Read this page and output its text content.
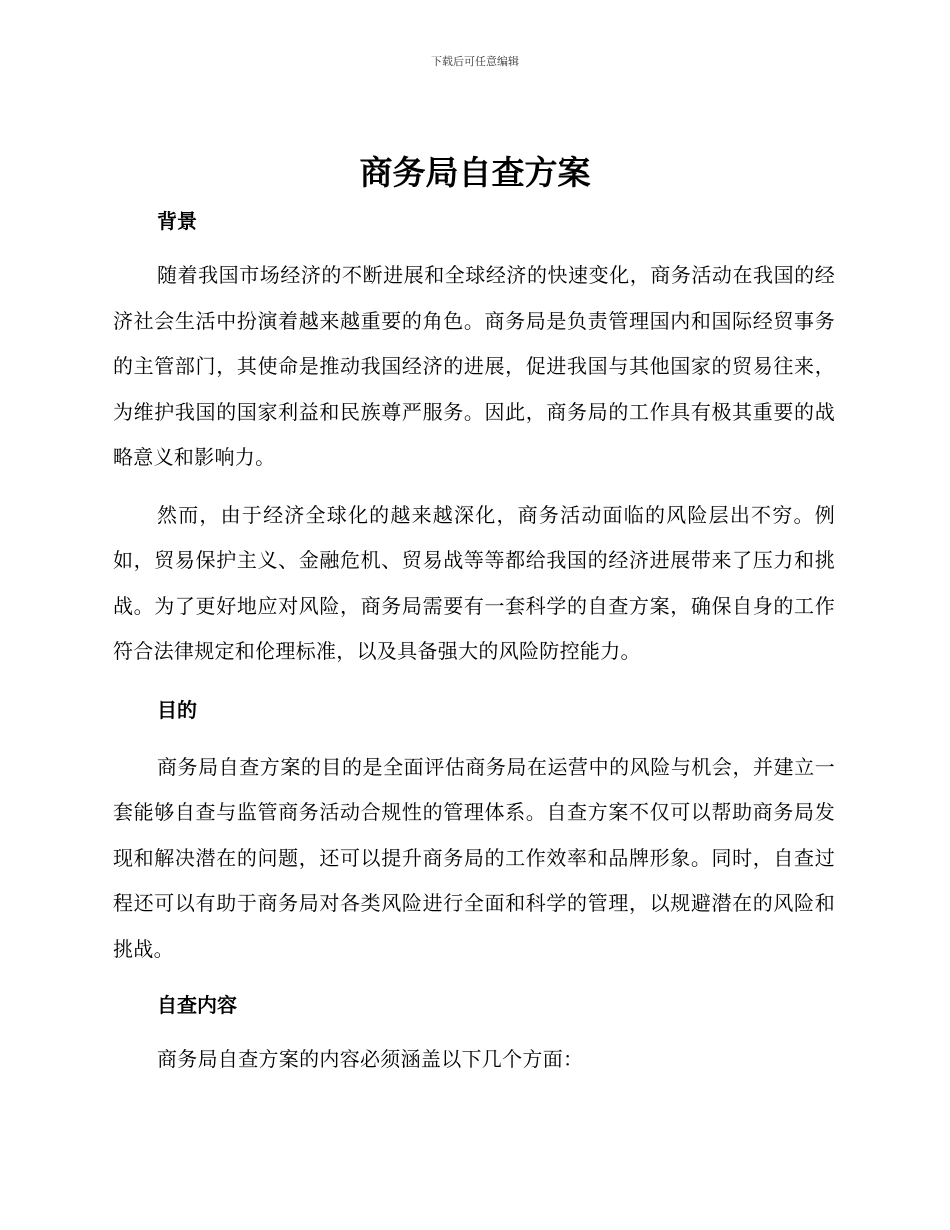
下载后可任意编辑
商务局自查方案
背景

随着我国市场经济的不断进展和全球经济的快速变化，商务活动在我国的经济社会生活中扮演着越来越重要的角色。商务局是负责管理国内和国际经贸事务的主管部门，其使命是推动我国经济的进展，促进我国与其他国家的贸易往来，为维护我国的国家利益和民族尊严服务。因此，商务局的工作具有极其重要的战略意义和影响力。

然而，由于经济全球化的越来越深化，商务活动面临的风险层出不穷。例如，贸易保护主义、金融危机、贸易战等等都给我国的经济进展带来了压力和挑战。为了更好地应对风险，商务局需要有一套科学的自查方案，确保自身的工作符合法律规定和伦理标准，以及具备强大的风险防控能力。

目的

商务局自查方案的目的是全面评估商务局在运营中的风险与机会，并建立一套能够自查与监管商务活动合规性的管理体系。自查方案不仅可以帮助商务局发现和解决潜在的问题，还可以提升商务局的工作效率和品牌形象。同时，自查过程还可以有助于商务局对各类风险进行全面和科学的管理，以规避潜在的风险和挑战。

自查内容

商务局自查方案的内容必须涵盖以下几个方面：
